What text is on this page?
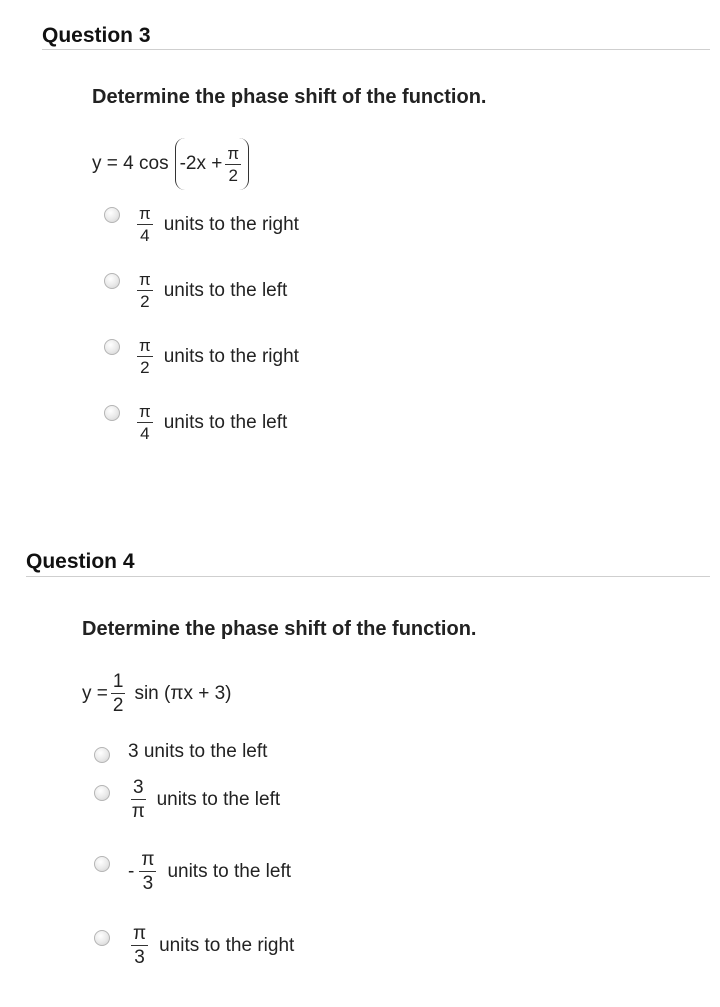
Question 3
Determine the phase shift of the function.
y = 4 $\cos -2x + \frac{\pi}{2}$
$\frac{\pi}{4}$ units to the right
$\frac{\pi}{2}$ units to the left
$\frac{\pi}{2}$ units to the right
$\frac{\pi}{4}$ units to the left
Question 4
Determine the phase shift of the function.
$y = \frac{1}{2}$ sin (πx + 3)
3 units to the left
$\frac{3}{\pi}$ units to the left
- $\frac{\pi}{3}$ units to the left
$\frac{\pi}{3}$ units to the right
